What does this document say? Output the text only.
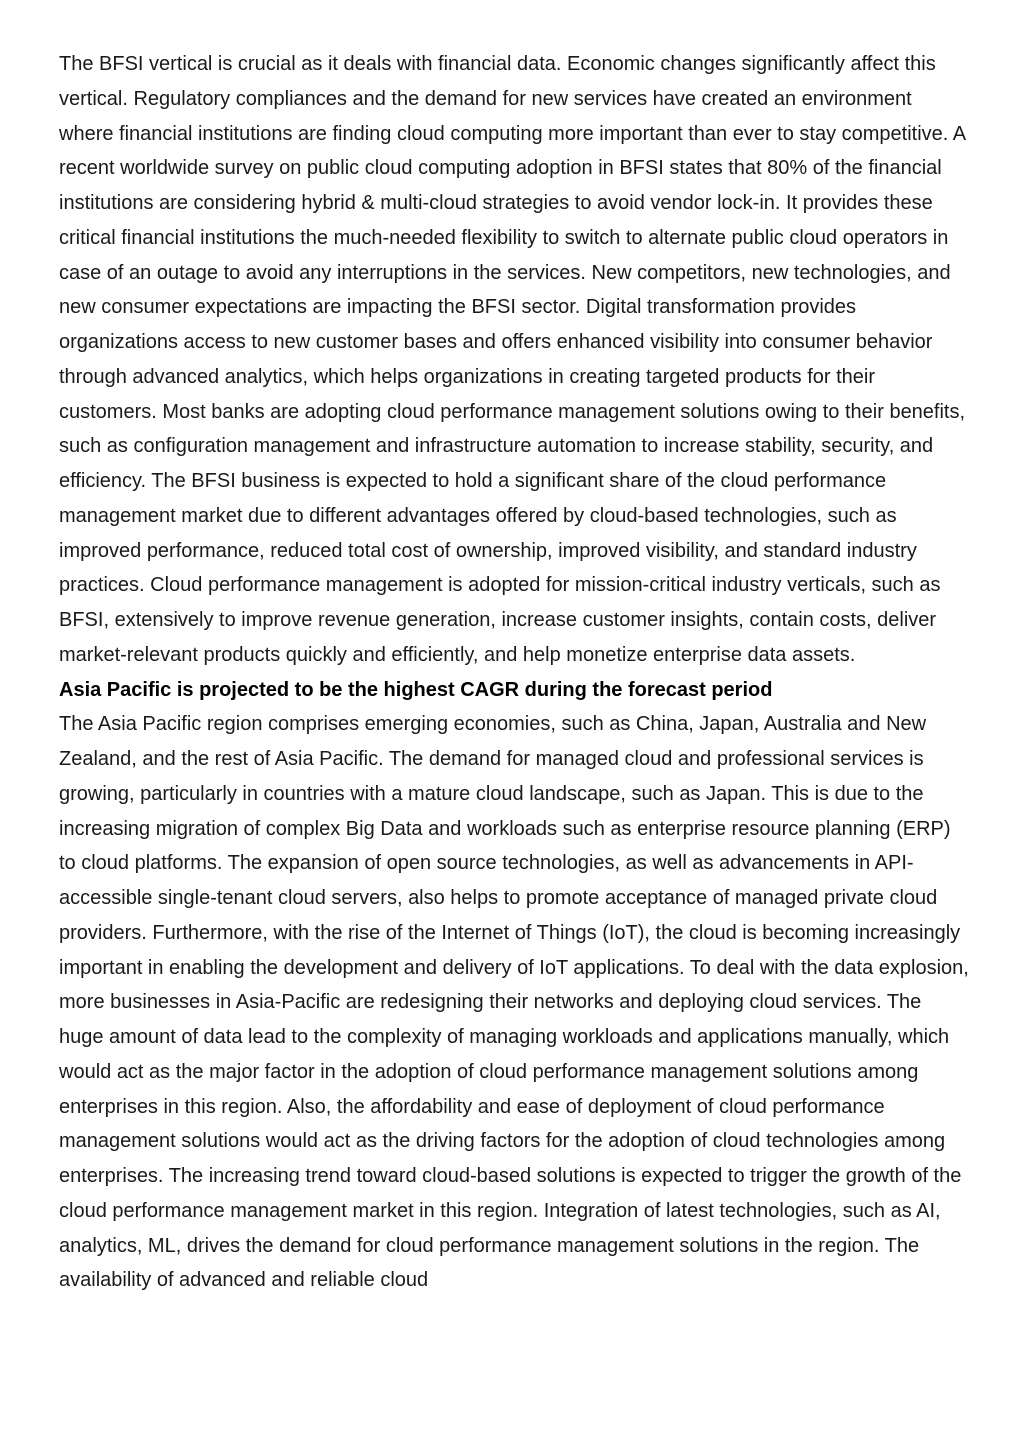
The BFSI vertical is crucial as it deals with financial data. Economic changes significantly affect this vertical. Regulatory compliances and the demand for new services have created an environment where financial institutions are finding cloud computing more important than ever to stay competitive. A recent worldwide survey on public cloud computing adoption in BFSI states that 80% of the financial institutions are considering hybrid & multi-cloud strategies to avoid vendor lock-in. It provides these critical financial institutions the much-needed flexibility to switch to alternate public cloud operators in case of an outage to avoid any interruptions in the services. New competitors, new technologies, and new consumer expectations are impacting the BFSI sector. Digital transformation provides organizations access to new customer bases and offers enhanced visibility into consumer behavior through advanced analytics, which helps organizations in creating targeted products for their customers. Most banks are adopting cloud performance management solutions owing to their benefits, such as configuration management and infrastructure automation to increase stability, security, and efficiency. The BFSI business is expected to hold a significant share of the cloud performance management market due to different advantages offered by cloud-based technologies, such as improved performance, reduced total cost of ownership, improved visibility, and standard industry practices. Cloud performance management is adopted for mission-critical industry verticals, such as BFSI, extensively to improve revenue generation, increase customer insights, contain costs, deliver market-relevant products quickly and efficiently, and help monetize enterprise data assets.

Asia Pacific is projected to be the highest CAGR during the forecast period

The Asia Pacific region comprises emerging economies, such as China, Japan, Australia and New Zealand, and the rest of Asia Pacific. The demand for managed cloud and professional services is growing, particularly in countries with a mature cloud landscape, such as Japan. This is due to the increasing migration of complex Big Data and workloads such as enterprise resource planning (ERP) to cloud platforms. The expansion of open source technologies, as well as advancements in API-accessible single-tenant cloud servers, also helps to promote acceptance of managed private cloud providers. Furthermore, with the rise of the Internet of Things (IoT), the cloud is becoming increasingly important in enabling the development and delivery of IoT applications. To deal with the data explosion, more businesses in Asia-Pacific are redesigning their networks and deploying cloud services. The huge amount of data lead to the complexity of managing workloads and applications manually, which would act as the major factor in the adoption of cloud performance management solutions among enterprises in this region. Also, the affordability and ease of deployment of cloud performance management solutions would act as the driving factors for the adoption of cloud technologies among enterprises. The increasing trend toward cloud-based solutions is expected to trigger the growth of the cloud performance management market in this region. Integration of latest technologies, such as AI, analytics, ML, drives the demand for cloud performance management solutions in the region. The availability of advanced and reliable cloud
